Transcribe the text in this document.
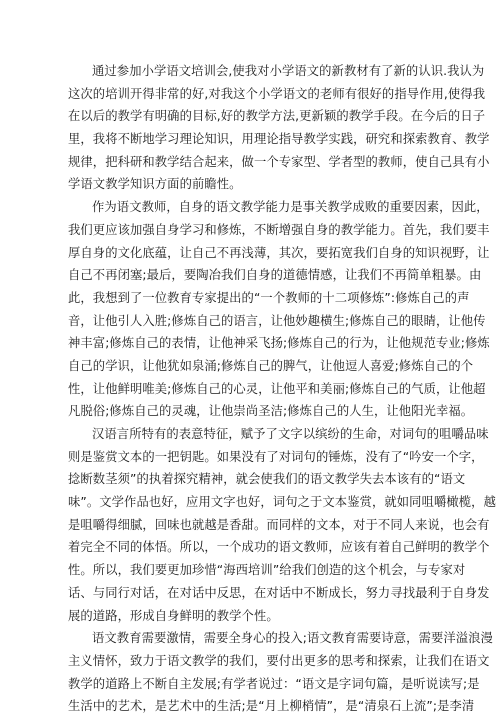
通过参加小学语文培训会,使我对小学语文的新教材有了新的认识.我认为
这次的培训开得非常的好,对我这个小学语文的老师有很好的指导作用,使得我
在以后的教学有明确的目标,好的教学方法,更新颖的教学手段。在今后的日子
里，我将不断地学习理论知识，用理论指导教学实践，研究和探索教育、教学
规律，把科研和教学结合起来，做一个专家型、学者型的教师，使自己具有小
学语文教学知识方面的前瞻性。
作为语文教师，自身的语文教学能力是事关教学成败的重要因素，因此，
我们更应该加强自身学习和修炼，不断增强自身的教学能力。首先，我们要丰
厚自身的文化底蕴，让自己不再浅薄，其次，要拓宽我们自身的知识视野，让
自己不再闭塞;最后，要陶冶我们自身的道德情感，让我们不再简单粗暴。由
此，我想到了一位教育专家提出的“一个教师的十二项修炼”:修炼自己的声
音，让他引人入胜;修炼自己的语言，让他妙趣横生;修炼自己的眼睛，让他传
神丰富;修炼自己的表情，让他神采飞扬;修炼自己的行为，让他规范专业;修炼
自己的学识，让他犹如泉涌;修炼自己的脾气，让他逗人喜爱;修炼自己的个
性，让他鲜明唯美;修炼自己的心灵，让他平和美丽;修炼自己的气质，让他超
凡脱俗;修炼自己的灵魂，让他崇尚圣洁;修炼自己的人生，让他阳光幸福。
汉语言所特有的表意特征，赋予了文字以缤纷的生命，对词句的咀嚼品味
则是鉴赏文本的一把钥匙。如果没有了对词句的锤炼，没有了“吟安一个字，
捻断数茎须”的执着探究精神，就会使我们的语文教学失去本该有的“语文
味”。文学作品也好，应用文字也好，词句之于文本鉴赏，就如同咀嚼橄榄，越
是咀嚼得细腻，回味也就越是香甜。而同样的文本，对于不同人来说，也会有
着完全不同的体悟。所以，一个成功的语文教师，应该有着自己鲜明的教学个
性。所以，我们要更加珍惜“海西培训”给我们创造的这个机会，与专家对
话、与同行对话，在对话中反思，在对话中不断成长，努力寻找最利于自身发
展的道路，形成自身鲜明的教学个性。
语文教育需要激情，需要全身心的投入;语文教育需要诗意，需要洋溢浪漫
主义情怀，致力于语文教学的我们，要付出更多的思考和探索，让我们在语文
教学的道路上不断自主发展;有学者说过：“语文是字词句篇，是听说读写;是
生活中的艺术，是艺术中的生活;是“月上柳梢情”，是“清泉石上流”;是李清
